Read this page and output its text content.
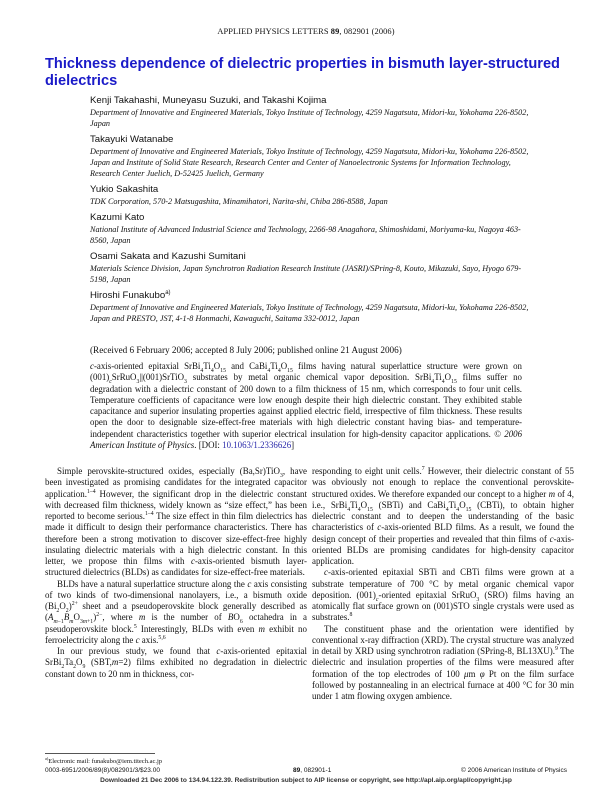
APPLIED PHYSICS LETTERS 89, 082901 (2006)
Thickness dependence of dielectric properties in bismuth layer-structured dielectrics
Kenji Takahashi, Muneyasu Suzuki, and Takashi Kojima
Department of Innovative and Engineered Materials, Tokyo Institute of Technology, 4259 Nagatsuta, Midori-ku, Yokohama 226-8502, Japan
Takayuki Watanabe
Department of Innovative and Engineered Materials, Tokyo Institute of Technology, 4259 Nagatsuta, Midori-ku, Yokohama 226-8502, Japan and Institute of Solid State Research, Research Center and Center of Nanoelectronic Systems for Information Technology, Research Center Juelich, D-52425 Juelich, Germany
Yukio Sakashita
TDK Corporation, 570-2 Matsugashita, Minamihatori, Narita-shi, Chiba 286-8588, Japan
Kazumi Kato
National Institute of Advanced Industrial Science and Technology, 2266-98 Anagahora, Shimoshidami, Moriyama-ku, Nagoya 463-8560, Japan
Osami Sakata and Kazushi Sumitani
Materials Science Division, Japan Synchrotron Radiation Research Institute (JASRI)/SPring-8, Kouto, Mikazuki, Sayo, Hyogo 679-5198, Japan
Hiroshi Funakubo$^{a)}$
Department of Innovative and Engineered Materials, Tokyo Institute of Technology, 4259 Nagatsuta, Midori-ku, Yokohama 226-8502, Japan and PRESTO, JST, 4-1-8 Honmachi, Kawaguchi, Saitama 332-0012, Japan
(Received 6 February 2006; accepted 8 July 2006; published online 21 August 2006)
c-axis-oriented epitaxial $SrBi_4Ti_4O_{15}$ and $CaBi_4Ti_4O_{15}$ films having natural superlattice structure were grown on $(001)_cSrRuO_3||(001)SrTiO_3$ substrates by metal organic chemical vapor deposition. $SrBi_4Ti_4O_{15}$ films suffer no degradation with a dielectric constant of 200 down to a film thickness of 15 nm, which corresponds to four unit cells. Temperature coefficients of capacitance were low enough despite their high dielectric constant. They exhibited stable capacitance and superior insulating properties against applied electric field, irrespective of film thickness. These results open the door to designable size-effect-free materials with high dielectric constant having bias- and temperature-independent characteristics together with superior electrical insulation for high-density capacitor applications. © 2006 American Institute of Physics. [DOI: 10.1063/1.2336626]

Simple perovskite-structured oxides, especially (Ba,Sr)TiO$_3$, have been investigated as promising candidates for the integrated capacitor application.$^{1-4}$ However, the significant drop in the dielectric constant with decreased film thickness, widely known as “size effect,” has been reported to become serious.$^{1-4}$ The size effect in thin film dielectrics has made it difficult to design their performance characteristics. There has therefore been a strong motivation to discover size-effect-free highly insulating dielectric materials with a high dielectric constant. In this letter, we propose thin films with c-axis-oriented bismuth layer-structured dielectrics (BLDs) as candidates for size-effect-free materials.

BLDs have a natural superlattice structure along the c axis consisting of two kinds of two-dimensional nanolayers, i.e., a bismuth oxide $(Bi_2O_2)^{2+}$ sheet and a pseudoperovskite block generally described as $(A_{m-1}B_mO_{3m+1})^{2-}$, where m is the number of $BO_6$ octahedra in a pseudoperovskite block.$^5$ Interestingly, BLDs with even m exhibit no ferroelectricity along the c axis.$^{5,6}$

In our previous study, we found that c-axis-oriented epitaxial $SrBi_2Ta_2O_9$ (SBT,m=2) films exhibited no degradation in dielectric constant down to 20 nm in thickness, cor-

responding to eight unit cells.$^7$ However, their dielectric constant of 55 was obviously not enough to replace the conventional perovskite-structured oxides. We therefore expanded our concept to a higher m of 4, i.e., $SrBi_4Ti_4O_{15}$ (SBTi) and $CaBi_4Ti_4O_{15}$ (CBTi), to obtain higher dielectric constant and to deepen the understanding of the basic characteristics of c-axis-oriented BLD films. As a result, we found the design concept of their properties and revealed that thin films of c-axis-oriented BLDs are promising candidates for high-density capacitor application.

c-axis-oriented epitaxial SBTi and CBTi films were grown at a substrate temperature of 700 °C by metal organic chemical vapor deposition. $(001)_c$-oriented epitaxial SrRuO$_3$ (SRO) films having an atomically flat surface grown on (001)STO single crystals were used as substrates.$^8$

The constituent phase and the orientation were identified by conventional x-ray diffraction (XRD). The crystal structure was analyzed in detail by XRD using synchrotron radiation (SPring-8, BL13XU).$^9$ The dielectric and insulation properties of the films were measured after formation of the top electrodes of 100 μm φ Pt on the film surface followed by postannealing in an electrical furnace at 400 °C for 30 min under 1 atm flowing oxygen ambience.

$^{a)}$Electronic mail: funakubo@iem.titech.ac.jp
0003-6951/2006/89(8)/082901/3/$23.00	89, 082901-1	© 2006 American Institute of Physics
Downloaded 21 Dec 2006 to 134.94.122.39. Redistribution subject to AIP license or copyright, see http://apl.aip.org/apl/copyright.jsp
